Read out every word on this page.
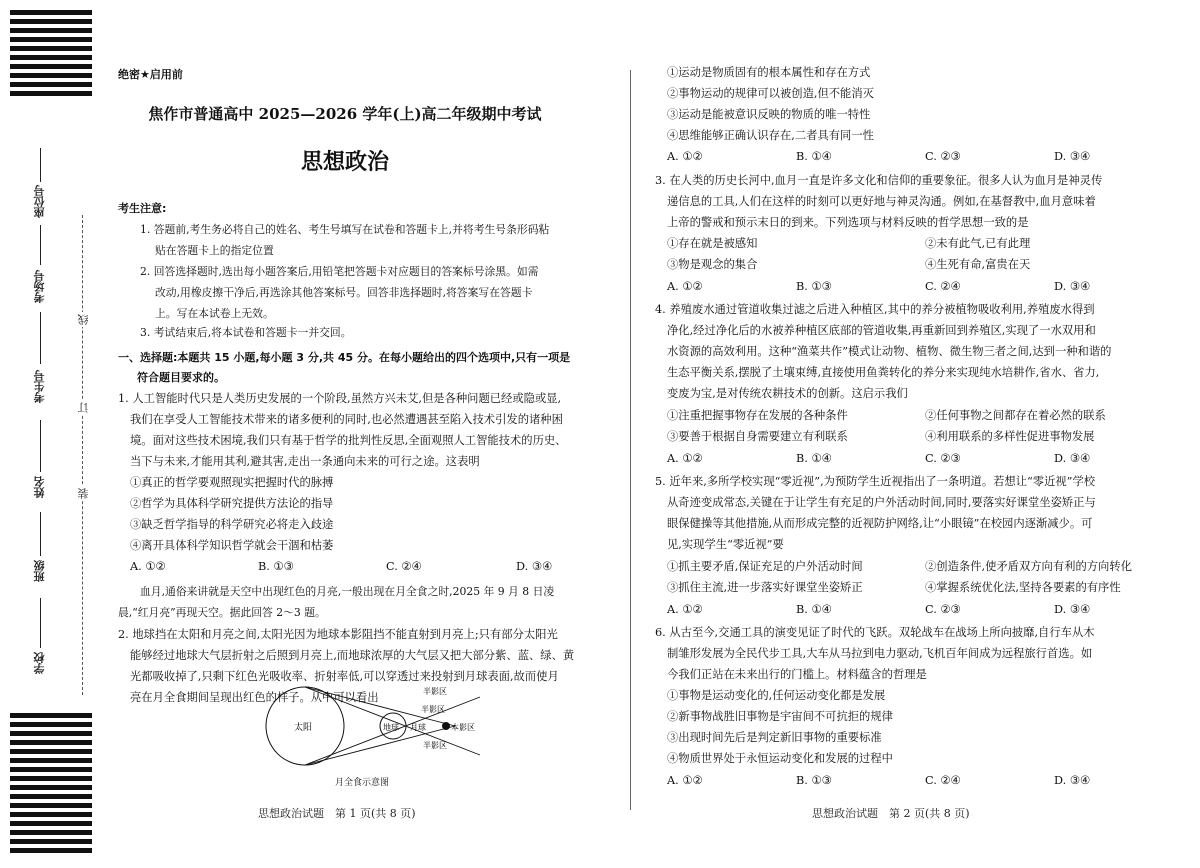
座位号
考场号
考生号
姓名
班级
学校
线
订
装
绝密★启用前
焦作市普通高中 2025—2026 学年(上)高二年级期中考试
思想政治
考生注意:
1. 答题前,考生务必将自己的姓名、考生号填写在试卷和答题卡上,并将考生号条形码粘
贴在答题卡上的指定位置
2. 回答选择题时,选出每小题答案后,用铅笔把答题卡对应题目的答案标号涂黑。如需
改动,用橡皮擦干净后,再选涂其他答案标号。回答非选择题时,将答案写在答题卡
上。写在本试卷上无效。
3. 考试结束后,将本试卷和答题卡一并交回。
一、选择题:本题共 15 小题,每小题 3 分,共 45 分。在每小题给出的四个选项中,只有一项是
符合题目要求的。
1. 人工智能时代只是人类历史发展的一个阶段,虽然方兴未艾,但是各种问题已经或隐或显,
我们在享受人工智能技术带来的诸多便利的同时,也必然遭遇甚至陷入技术引发的诸种困
境。面对这些技术困境,我们只有基于哲学的批判性反思,全面观照人工智能技术的历史、
当下与未来,才能用其利,避其害,走出一条通向未来的可行之途。这表明
①真正的哲学要观照现实把握时代的脉搏
②哲学为具体科学研究提供方法论的指导
③缺乏哲学指导的科学研究必将走入歧途
④离开具体科学知识哲学就会干涸和枯萎
A. ①②	B. ①③	C. ②④	D. ③④
血月,通俗来讲就是天空中出现红色的月亮,一般出现在月全食之时,2025 年 9 月 8 日凌
晨,“红月亮”再现天空。据此回答 2～3 题。
2. 地球挡在太阳和月亮之间,太阳光因为地球本影阻挡不能直射到月亮上;只有部分太阳光
能够经过地球大气层折射之后照到月亮上,而地球浓厚的大气层又把大部分紫、蓝、绿、黄
光都吸收掉了,只剩下红色光吸收率、折射率低,可以穿透过来投射到月球表面,故而使月
亮在月全食期间呈现出红色的样子。从中可以看出
太阳	地球 月球	本影区
半影区
半影区
半影区
月全食示意图
思想政治试题　第 1 页(共 8 页)
①运动是物质固有的根本属性和存在方式
②事物运动的规律可以被创造,但不能消灭
③运动是能被意识反映的物质的唯一特性
④思维能够正确认识存在,二者具有同一性
A. ①②	B. ①④	C. ②③	D. ③④
3. 在人类的历史长河中,血月一直是许多文化和信仰的重要象征。很多人认为血月是神灵传
递信息的工具,人们在这样的时刻可以更好地与神灵沟通。例如,在基督教中,血月意味着
上帝的警戒和预示末日的到来。下列选项与材料反映的哲学思想一致的是
①存在就是被感知	②未有此气,已有此理
③物是观念的集合	④生死有命,富贵在天
A. ①②	B. ①③	C. ②④	D. ③④
4. 养殖废水通过管道收集过滤之后进入种植区,其中的养分被植物吸收利用,养殖废水得到
净化,经过净化后的水被养种植区底部的管道收集,再重新回到养殖区,实现了一水双用和
水资源的高效利用。这种“渔菜共作”模式让动物、植物、微生物三者之间,达到一种和谐的
生态平衡关系,摆脱了土壤束缚,直接使用鱼粪转化的养分来实现纯水培耕作,省水、省力,
变废为宝,是对传统农耕技术的创新。这启示我们
①注重把握事物存在发展的各种条件	②任何事物之间都存在着必然的联系
③要善于根据自身需要建立有利联系	④利用联系的多样性促进事物发展
A. ①②	B. ①④	C. ②③	D. ③④
5. 近年来,多所学校实现“零近视”,为预防学生近视指出了一条明道。若想让“零近视”学校
从奇迹变成常态,关键在于让学生有充足的户外活动时间,同时,要落实好课堂坐姿矫正与
眼保健操等其他措施,从而形成完整的近视防护网络,让“小眼镜”在校园内逐渐减少。可
见,实现学生“零近视”要
①抓主要矛盾,保证充足的户外活动时间	②创造条件,使矛盾双方向有利的方向转化
③抓住主流,进一步落实好课堂坐姿矫正	④掌握系统优化法,坚持各要素的有序性
A. ①②	B. ①④	C. ②③	D. ③④
6. 从古至今,交通工具的演变见证了时代的飞跃。双轮战车在战场上所向披靡,自行车从木
制雏形发展为全民代步工具,大车从马拉到电力驱动,飞机百年间成为远程旅行首选。如
今我们正站在未来出行的门槛上。材料蕴含的哲理是
①事物是运动变化的,任何运动变化都是发展
②新事物战胜旧事物是宇宙间不可抗拒的规律
③出现时间先后是判定新旧事物的重要标准
④物质世界处于永恒运动变化和发展的过程中
A. ①②	B. ①③	C. ②④	D. ③④
思想政治试题　第 2 页(共 8 页)
